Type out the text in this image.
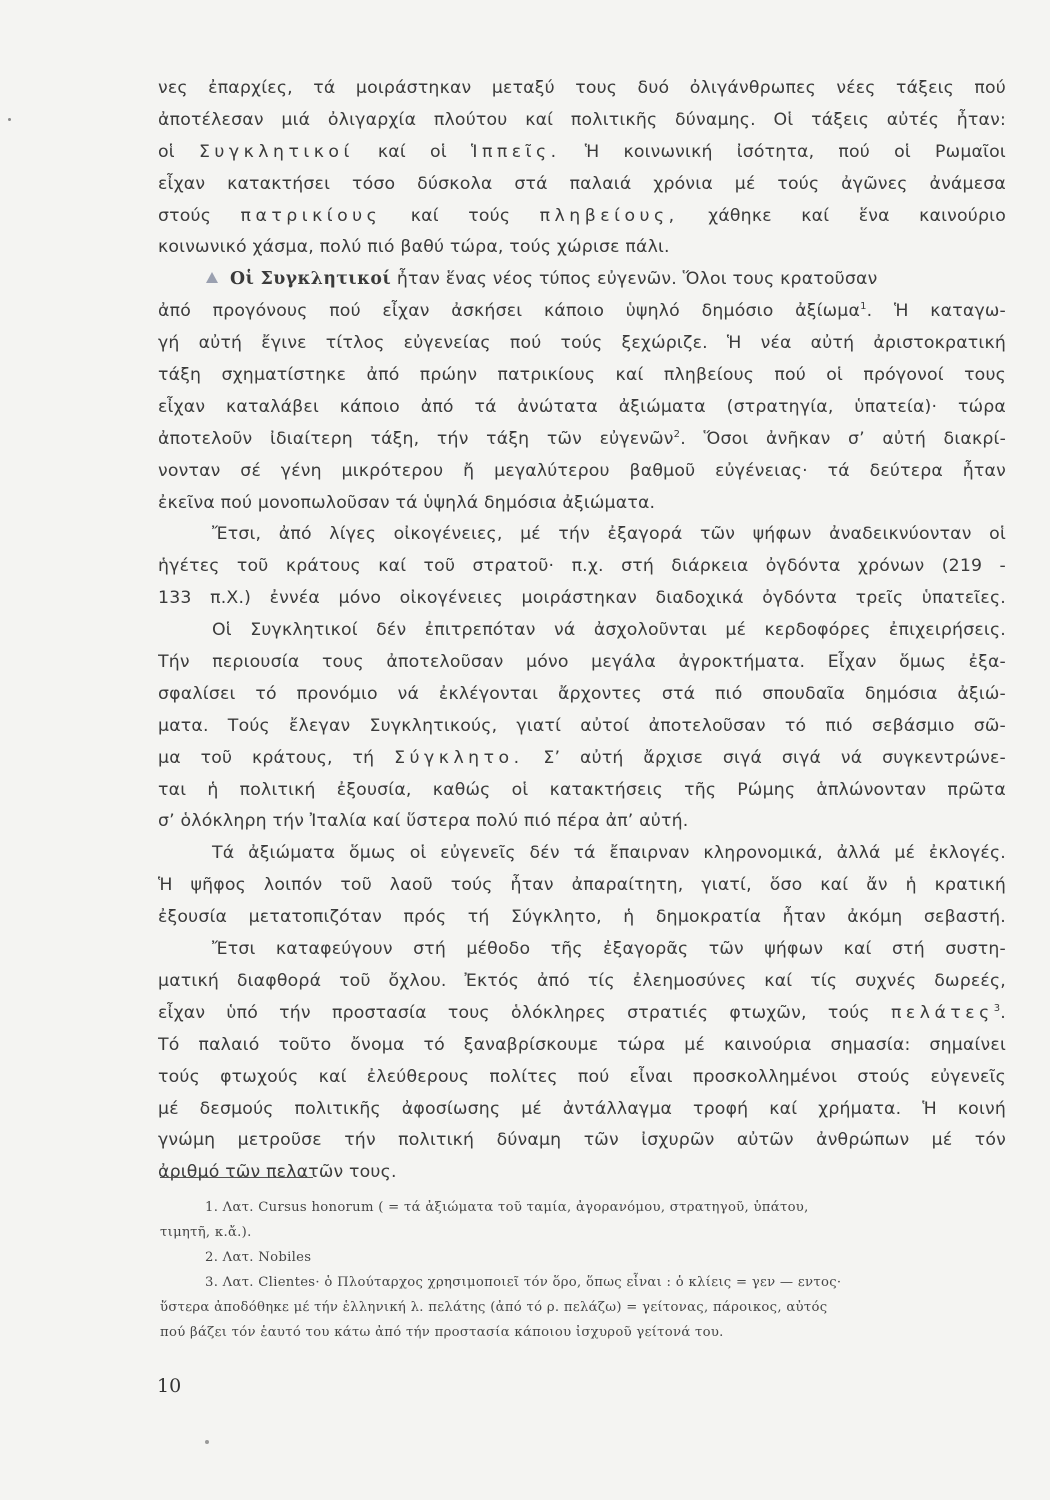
νες ἐπαρχίες, τά μοιράστηκαν μεταξύ τους δυό ὀλιγάνθρωπες νέες τάξεις πού
ἀποτέλεσαν μιά ὀλιγαρχία πλούτου καί πολιτικῆς δύναμης. Οἱ τάξεις αὐτές ἦταν:
οἱ Συγκλητικοί καί οἱ Ἱππεῖς. Ἡ κοινωνική ἰσότητα, πού οἱ Ρωμαῖοι
εἶχαν κατακτήσει τόσο δύσκολα στά παλαιά χρόνια μέ τούς ἀγῶνες ἀνάμεσα
στούς πατρικίους καί τούς πληβείους, χάθηκε καί ἕνα καινούριο
κοινωνικό χάσμα, πολύ πιό βαθύ τώρα, τούς χώρισε πάλι.
Οἱ Συγκλητικοί ἦταν ἕνας νέος τύπος εὐγενῶν. Ὅλοι τους κρατοῦσαν
ἀπό προγόνους πού εἶχαν ἀσκήσει κάποιο ὑψηλό δημόσιο ἀξίωμα$^1$. Ἡ καταγω-
γή αὐτή ἔγινε τίτλος εὐγενείας πού τούς ξεχώριζε. Ἡ νέα αὐτή ἀριστοκρατική
τάξη σχηματίστηκε ἀπό πρώην πατρικίους καί πληβείους πού οἱ πρόγονοί τους
εἶχαν καταλάβει κάποιο ἀπό τά ἀνώτατα ἀξιώματα (στρατηγία, ὑπατεία)· τώρα
ἀποτελοῦν ἰδιαίτερη τάξη, τήν τάξη τῶν εὐγενῶν$^2$. Ὅσοι ἀνῆκαν σ’ αὐτή διακρί-
νονταν σέ γένη μικρότερου ἤ μεγαλύτερου βαθμοῦ εὐγένειας· τά δεύτερα ἦταν
ἐκεῖνα πού μονοπωλοῦσαν τά ὑψηλά δημόσια ἀξιώματα.
Ἔτσι, ἀπό λίγες οἰκογένειες, μέ τήν ἐξαγορά τῶν ψήφων ἀναδεικνύονταν οἱ
ἡγέτες τοῦ κράτους καί τοῦ στρατοῦ· π.χ. στή διάρκεια ὀγδόντα χρόνων (219 -
133 π.Χ.) ἐννέα μόνο οἰκογένειες μοιράστηκαν διαδοχικά ὀγδόντα τρεῖς ὑπατεῖες.
Οἱ Συγκλητικοί δέν ἐπιτρεπόταν νά ἀσχολοῦνται μέ κερδοφόρες ἐπιχειρήσεις.
Τήν περιουσία τους ἀποτελοῦσαν μόνο μεγάλα ἀγροκτήματα. Εἶχαν ὅμως ἐξα-
σφαλίσει τό προνόμιο νά ἐκλέγονται ἄρχοντες στά πιό σπουδαῖα δημόσια ἀξιώ-
ματα. Τούς ἔλεγαν Συγκλητικούς, γιατί αὐτοί ἀποτελοῦσαν τό πιό σεβάσμιο σῶ-
μα τοῦ κράτους, τή Σύγκλητο. Σ’ αὐτή ἄρχισε σιγά σιγά νά συγκεντρώνε-
ται ἡ πολιτική ἐξουσία, καθώς οἱ κατακτήσεις τῆς Ρώμης ἁπλώνονταν πρῶτα
σ’ ὁλόκληρη τήν Ἰταλία καί ὕστερα πολύ πιό πέρα ἀπ’ αὐτή.
Τά ἀξιώματα ὅμως οἱ εὐγενεῖς δέν τά ἔπαιρναν κληρονομικά, ἀλλά μέ ἐκλογές.
Ἡ ψῆφος λοιπόν τοῦ λαοῦ τούς ἦταν ἀπαραίτητη, γιατί, ὅσο καί ἄν ἡ κρατική
ἐξουσία μετατοπιζόταν πρός τή Σύγκλητο, ἡ δημοκρατία ἦταν ἀκόμη σεβαστή.
Ἔτσι καταφεύγουν στή μέθοδο τῆς ἐξαγορᾶς τῶν ψήφων καί στή συστη-
ματική διαφθορά τοῦ ὄχλου. Ἐκτός ἀπό τίς ἐλεημοσύνες καί τίς συχνές δωρεές,
εἶχαν ὑπό τήν προστασία τους ὁλόκληρες στρατιές φτωχῶν, τούς πελάτες$^3$.
Τό παλαιό τοῦτο ὄνομα τό ξαναβρίσκουμε τώρα μέ καινούρια σημασία: σημαίνει
τούς φτωχούς καί ἐλεύθερους πολίτες πού εἶναι προσκολλημένοι στούς εὐγενεῖς
μέ δεσμούς πολιτικῆς ἀφοσίωσης μέ ἀντάλλαγμα τροφή καί χρήματα. Ἡ κοινή
γνώμη μετροῦσε τήν πολιτική δύναμη τῶν ἰσχυρῶν αὐτῶν ἀνθρώπων μέ τόν
ἀριθμό τῶν πελατῶν τους.
1. Λατ. Cursus honorum ( = τά ἀξιώματα τοῦ ταμία, ἀγορανόμου, στρατηγοῦ, ὑπάτου,
τιμητῆ, κ.ἄ.).
2. Λατ. Nobiles
3. Λατ. Clientes· ὁ Πλούταρχος χρησιμοποιεῖ τόν ὅρο, ὅπως εἶναι : ὁ κλίεις = γεν — εντος·
ὕστερα ἀποδόθηκε μέ τήν ἑλληνική λ. πελάτης (ἀπό τό ρ. πελάζω) = γείτονας, πάροικος, αὐτός
πού βάζει τόν ἑαυτό του κάτω ἀπό τήν προστασία κάποιου ἰσχυροῦ γείτονά του.
10
